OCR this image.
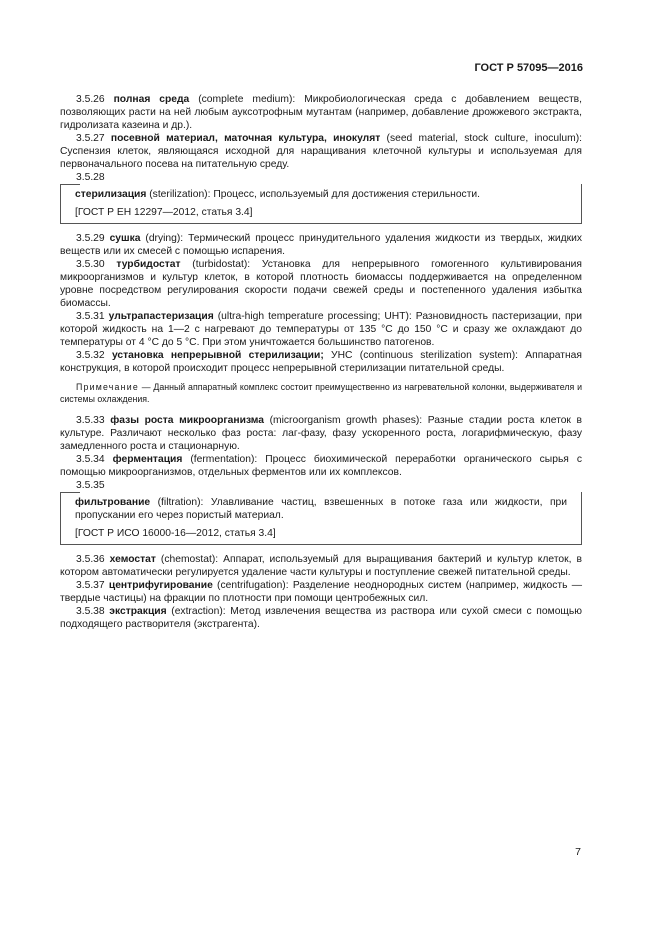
ГОСТ Р 57095—2016

3.5.26 полная среда (complete medium): Микробиологическая среда с добавлением веществ, позволяющих расти на ней любым ауксотрофным мутантам (например, добавление дрожжевого экстракта, гидролизата казеина и др.).

3.5.27 посевной материал, маточная культура, инокулят (seed material, stock culture, inoculum): Суспензия клеток, являющаяся исходной для наращивания клеточной культуры и используемая для первоначального посева на питательную среду.

3.5.28

стерилизация (sterilization): Процесс, используемый для достижения стерильности.

[ГОСТ Р ЕН 12297—2012, статья 3.4]

3.5.29 сушка (drying): Термический процесс принудительного удаления жидкости из твердых, жидких веществ или их смесей с помощью испарения.

3.5.30 турбидостат (turbidostat): Установка для непрерывного гомогенного культивирования микроорганизмов и культур клеток, в которой плотность биомассы поддерживается на определенном уровне посредством регулирования скорости подачи свежей среды и постепенного удаления избытка биомассы.

3.5.31 ультрапастеризация (ultra-high temperature processing; UHT): Разновидность пастеризации, при которой жидкость на 1—2 с нагревают до температуры от 135 °C до 150 °C и сразу же охлаждают до температуры от 4 °C до 5 °C. При этом уничтожается большинство патогенов.

3.5.32 установка непрерывной стерилизации; УНС (continuous sterilization system): Аппаратная конструкция, в которой происходит процесс непрерывной стерилизации питательной среды.

Примечание — Данный аппаратный комплекс состоит преимущественно из нагревательной колонки, выдерживателя и системы охлаждения.

3.5.33 фазы роста микроорганизма (microorganism growth phases): Разные стадии роста клеток в культуре. Различают несколько фаз роста: лаг-фазу, фазу ускоренного роста, логарифмическую, фазу замедленного роста и стационарную.

3.5.34 ферментация (fermentation): Процесс биохимической переработки органического сырья с помощью микроорганизмов, отдельных ферментов или их комплексов.

3.5.35

фильтрование (filtration): Улавливание частиц, взвешенных в потоке газа или жидкости, при пропускании его через пористый материал.

[ГОСТ Р ИСО 16000-16—2012, статья 3.4]

3.5.36 хемостат (chemostat): Аппарат, используемый для выращивания бактерий и культур клеток, в котором автоматически регулируется удаление части культуры и поступление свежей питательной среды.

3.5.37 центрифугирование (centrifugation): Разделение неоднородных систем (например, жидкость — твердые частицы) на фракции по плотности при помощи центробежных сил.

3.5.38 экстракция (extraction): Метод извлечения вещества из раствора или сухой смеси с помощью подходящего растворителя (экстрагента).

7
